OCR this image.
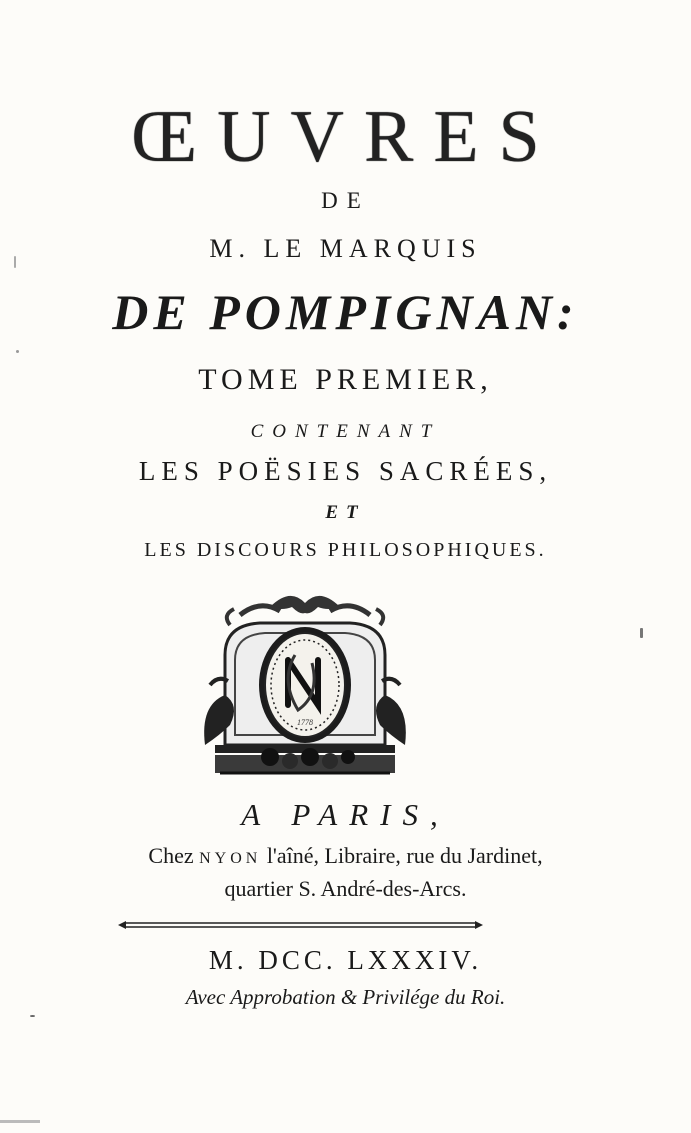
ŒUVRES
DE
M. LE MARQUIS
DE POMPIGNAN:
TOME PREMIER,
CONTENANT
LES POËSIES SACRÉES,
ET
LES DISCOURS PHILOSOPHIQUES.
1778
A PARIS,
Chez NYON l'aîné, Libraire, rue du Jardinet,
quartier S. André-des-Arcs.
M. DCC. LXXXIV.
Avec Approbation & Privilége du Roi.
